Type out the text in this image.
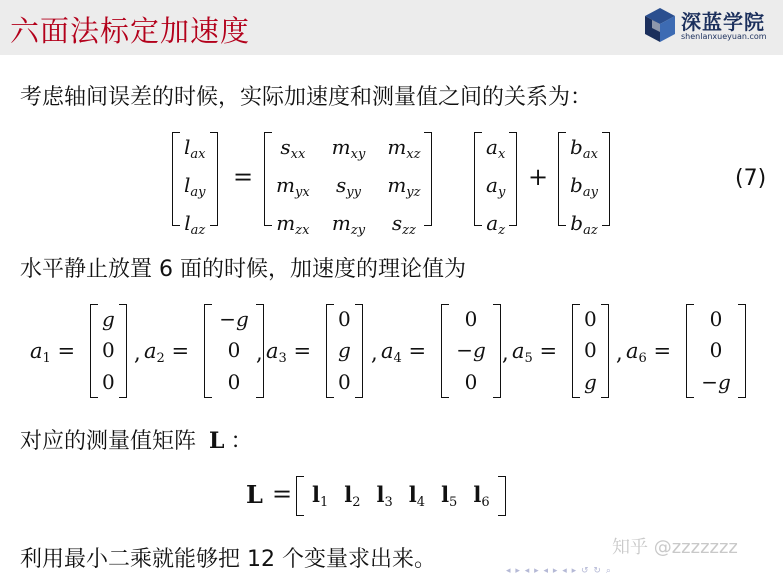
六面法标定加速度	深蓝学院
shenlanxueyuan.com
考虑轴间误差的时候，实际加速度和测量值之间的关系为：
$l_{ax}$
$l_{ay}$
$l_{az}$
=
$s_{xx}$ $m_{xy}$ $m_{xz}$
$m_{yx}$ $s_{yy}$ $m_{yz}$
$m_{zx}$ $m_{zy}$ $s_{zz}$
$a_x$
$a_y$
$a_z$
+
$b_{ax}$
$b_{ay}$
$b_{az}$
(7)
水平静止放置 6 面的时候，加速度的理论值为
$a_1$ =
g
0
0
, $a_2$ =
−g
0
0
, $a_3$ =
0
g
0
, $a_4$ =
0
−g
0
, $a_5$ =
0
0
g
, $a_6$ =
0
0
−g
对应的测量值矩阵 L ：
$L = l_1$ $l_2$ $l_3$ $l_4$ $l_5$ $l_6$
利用最小二乘就能够把 12 个变量求出来。	知乎 @zzzzzzz
◂ ▸ ◂ ▸ ◂ ▸ ◂ ▸ ↺ ↻ ⌕
